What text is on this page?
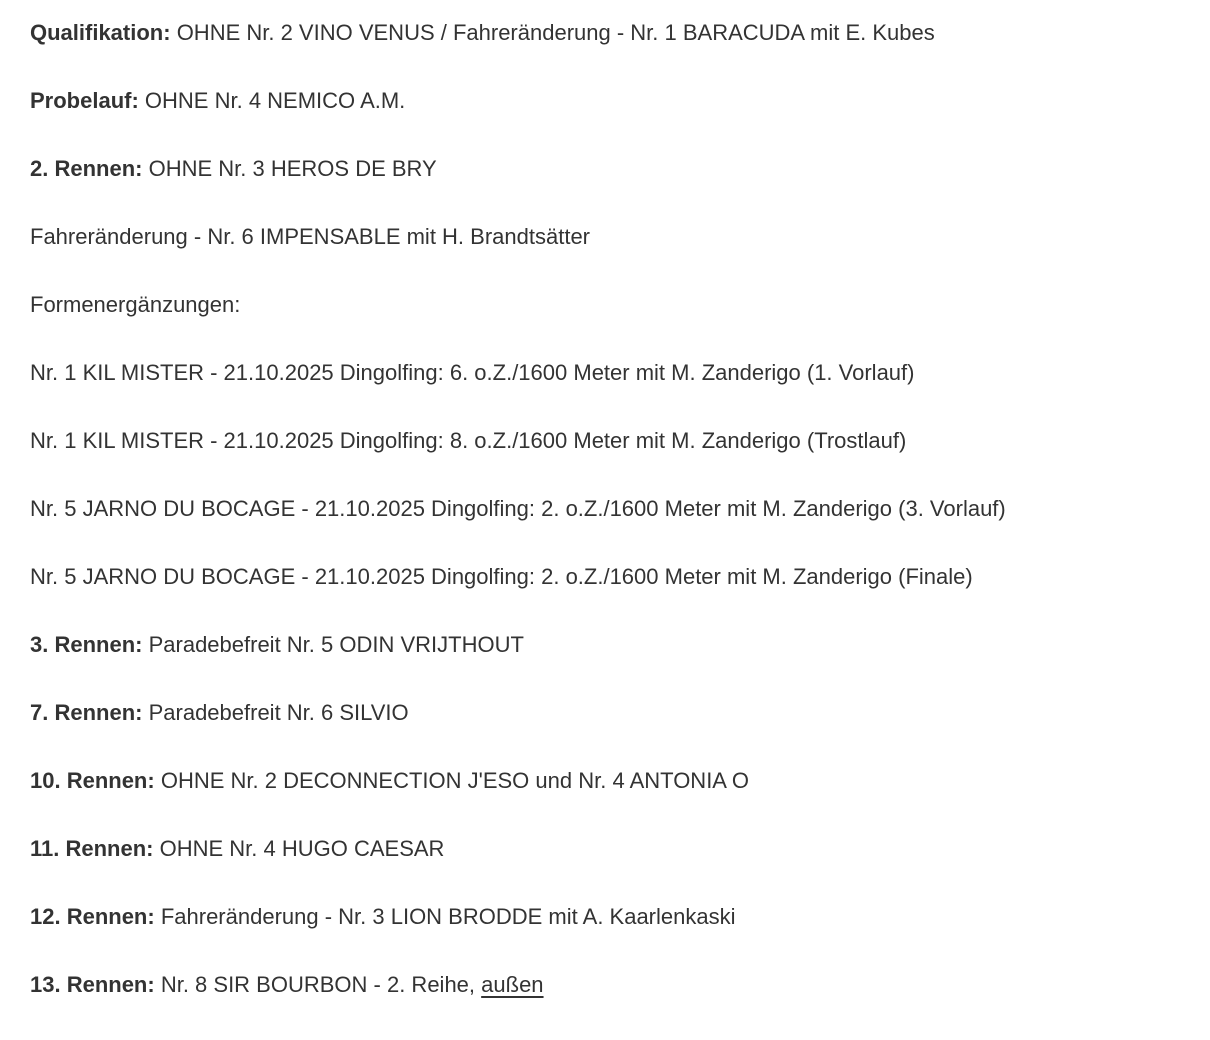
Qualifikation: OHNE Nr. 2 VINO VENUS / Fahreränderung - Nr. 1 BARACUDA mit E. Kubes

Probelauf: OHNE Nr. 4 NEMICO A.M.

2. Rennen: OHNE Nr. 3 HEROS DE BRY

Fahreränderung - Nr. 6 IMPENSABLE mit H. Brandtsätter

Formenergänzungen:

Nr. 1 KIL MISTER - 21.10.2025 Dingolfing: 6. o.Z./1600 Meter mit M. Zanderigo (1. Vorlauf)

Nr. 1 KIL MISTER - 21.10.2025 Dingolfing: 8. o.Z./1600 Meter mit M. Zanderigo (Trostlauf)

Nr. 5 JARNO DU BOCAGE - 21.10.2025 Dingolfing: 2. o.Z./1600 Meter mit M. Zanderigo (3. Vorlauf)

Nr. 5 JARNO DU BOCAGE - 21.10.2025 Dingolfing: 2. o.Z./1600 Meter mit M. Zanderigo (Finale)

3. Rennen: Paradebefreit Nr. 5 ODIN VRIJTHOUT

7. Rennen: Paradebefreit Nr. 6 SILVIO

10. Rennen: OHNE Nr. 2 DECONNECTION J'ESO und Nr. 4 ANTONIA O

11. Rennen: OHNE Nr. 4 HUGO CAESAR

12. Rennen: Fahreränderung - Nr. 3 LION BRODDE mit A. Kaarlenkaski

13. Rennen: Nr. 8 SIR BOURBON - 2. Reihe, außen
